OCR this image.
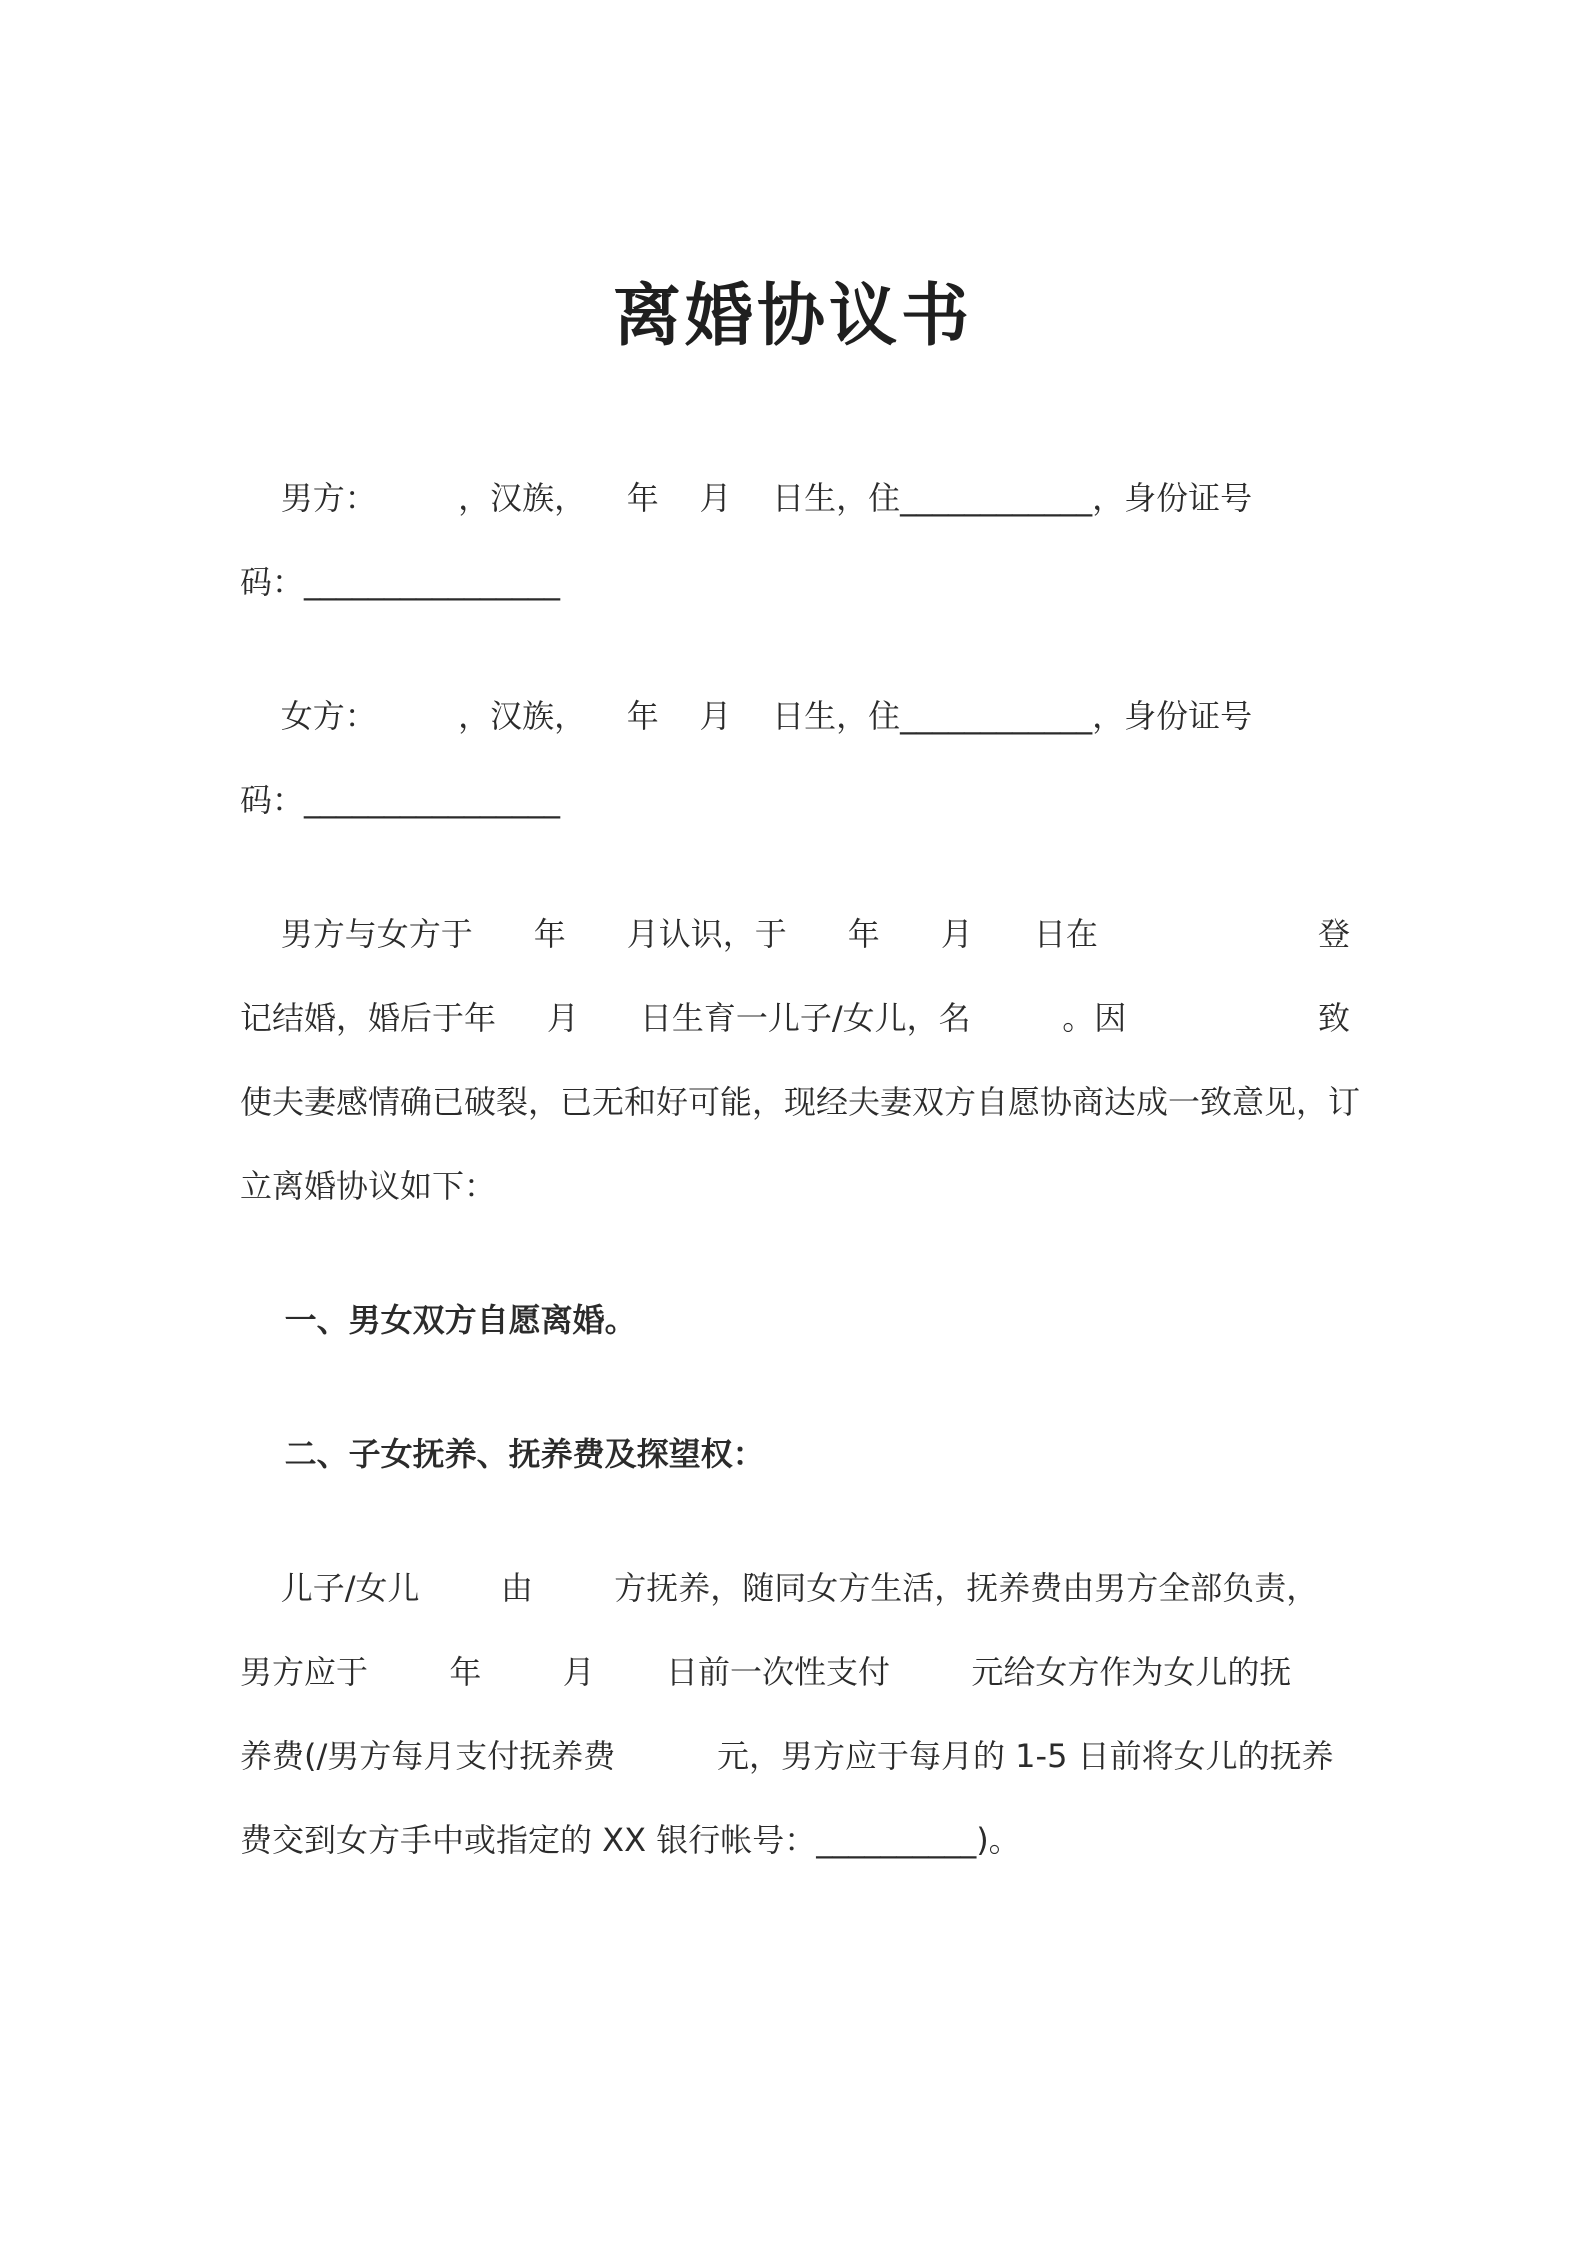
离婚协议书
男方：        ，汉族，    年    月    日生，住____________，身份证号
码：________________
女方：        ，汉族，    年    月    日生，住____________，身份证号
码：________________
男方与女方于      年      月认识，于      年      月      日在	登
记结婚，婚后于年     月      日生育一儿子/女儿，名         。因	致
使夫妻感情确已破裂，已无和好可能，现经夫妻双方自愿协商达成一致意见，订
立离婚协议如下：
一、男女双方自愿离婚。
二、子女抚养、抚养费及探望权：
儿子/女儿        由        方抚养，随同女方生活，抚养费由男方全部负责，
男方应于        年        月       日前一次性支付        元给女方作为女儿的抚
养费(/男方每月支付抚养费          元，男方应于每月的 1-5 日前将女儿的抚养
费交到女方手中或指定的 XX 银行帐号：__________)。
